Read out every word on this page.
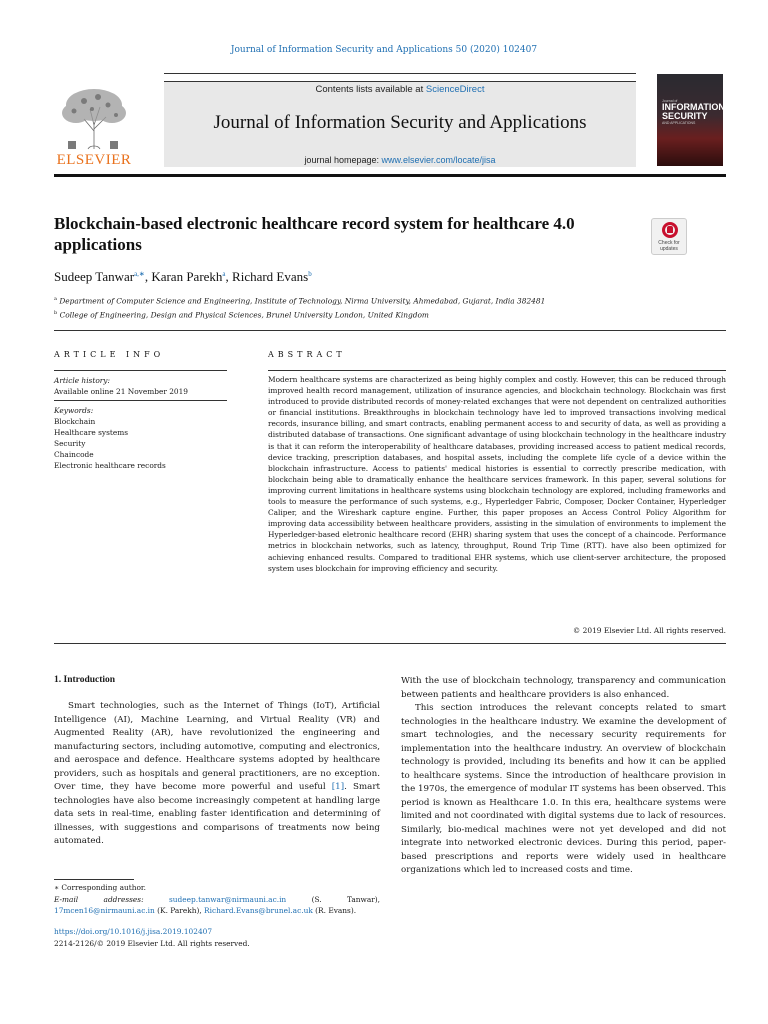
Journal of Information Security and Applications 50 (2020) 102407
ELSEVIER
Contents lists available at ScienceDirect
Journal of Information Security and Applications
journal homepage: www.elsevier.com/locate/jisa
Journal of
INFORMATION
SECURITY
AND APPLICATIONS
Blockchain-based electronic healthcare record system for healthcare 4.0 applications	Check for updates
Sudeep Tanwar$^{a,∗}$, Karan Parekh$^a$, Richard Evans$^b$
$^a$ Department of Computer Science and Engineering, Institute of Technology, Nirma University, Ahmedabad, Gujarat, India 382481
$^b$ College of Engineering, Design and Physical Sciences, Brunel University London, United Kingdom
ARTICLE INFO	ABSTRACT
Article history:
Available online 21 November 2019
Keywords:
Blockchain
Healthcare systems
Security
Chaincode
Electronic healthcare records

Modern healthcare systems are characterized as being highly complex and costly. However, this can be reduced through improved health record management, utilization of insurance agencies, and blockchain technology. Blockchain was first introduced to provide distributed records of money-related exchanges that were not dependent on centralized authorities or financial institutions. Breakthroughs in blockchain technology have led to improved transactions involving medical records, insurance billing, and smart contracts, enabling permanent access to and security of data, as well as providing a distributed database of transactions. One significant advantage of using blockchain technology in the healthcare industry is that it can reform the interoperability of healthcare databases, providing increased access to patient medical records, device tracking, prescription databases, and hospital assets, including the complete life cycle of a device within the blockchain infrastructure. Access to patients' medical histories is essential to correctly prescribe medication, with blockchain being able to dramatically enhance the healthcare services framework. In this paper, several solutions for improving current limitations in healthcare systems using blockchain technology are explored, including frameworks and tools to measure the performance of such systems, e.g., Hyperledger Fabric, Composer, Docker Container, Hyperledger Caliper, and the Wireshark capture engine. Further, this paper proposes an Access Control Policy Algorithm for improving data accessibility between healthcare providers, assisting in the simulation of environments to implement the Hyperledger-based eletronic healthcare record (EHR) sharing system that uses the concept of a chaincode. Performance metrics in blockchain networks, such as latency, throughput, Round Trip Time (RTT). have also been optimized for achieving enhanced results. Compared to traditional EHR systems, which use client-server architecture, the proposed system uses blockchain for improving efficiency and security.

© 2019 Elsevier Ltd. All rights reserved.
1. Introduction

Smart technologies, such as the Internet of Things (IoT), Artificial Intelligence (AI), Machine Learning, and Virtual Reality (VR) and Augmented Reality (AR), have revolutionized the engineering and manufacturing sectors, including automotive, computing and electronics, and aerospace and defence. Healthcare systems adopted by healthcare providers, such as hospitals and general practitioners, are no exception. Over time, they have become more powerful and useful [1]. Smart technologies have also become increasingly competent at handling large data sets in real-time, enabling faster identification and determining of illnesses, with suggestions and comparisons of treatments now being automated.

With the use of blockchain technology, transparency and communication between patients and healthcare providers is also enhanced.

This section introduces the relevant concepts related to smart technologies in the healthcare industry. We examine the development of smart technologies, and the necessary security requirements for implementation into the healthcare industry. An overview of blockchain technology is provided, including its benefits and how it can be applied to healthcare systems. Since the introduction of healthcare provision in the 1970s, the emergence of modular IT systems has been observed. This period is known as Healthcare 1.0. In this era, healthcare systems were limited and not coordinated with digital systems due to lack of resources. Similarly, bio-medical machines were not yet developed and did not integrate into networked electronic devices. During this period, paper-based prescriptions and reports were widely used in healthcare organizations which led to increased costs and time.

∗ Corresponding author.
E-mail addresses:	sudeep.tanwar@nirmauni.ac.in (S. Tanwar), 17mcen16@nirmauni.ac.in (K. Parekh), Richard.Evans@brunel.ac.uk (R. Evans).
https://doi.org/10.1016/j.jisa.2019.102407
2214-2126/© 2019 Elsevier Ltd. All rights reserved.
